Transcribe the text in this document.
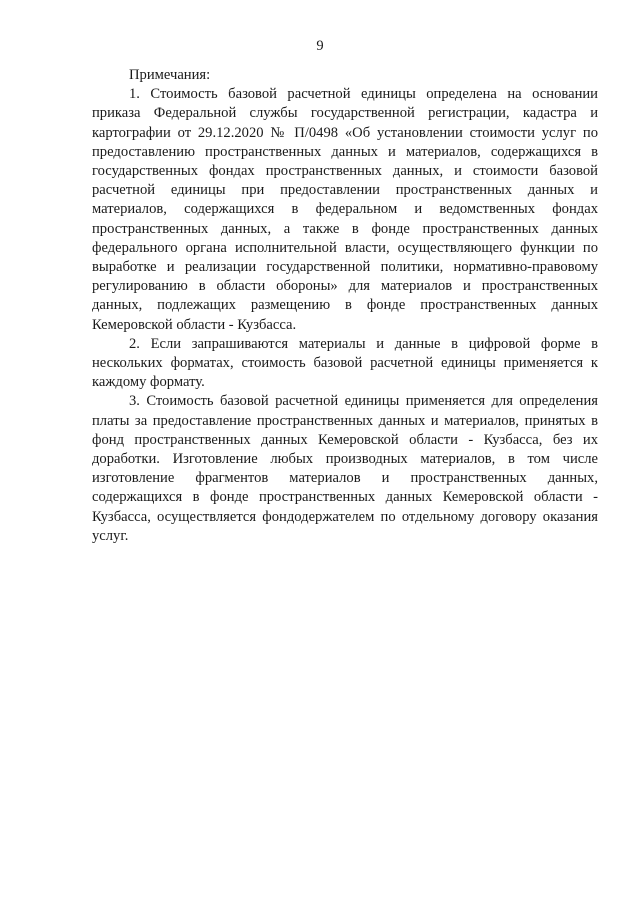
9

Примечания:

1. Стоимость базовой расчетной единицы определена на основании приказа Федеральной службы государственной регистрации, кадастра и картографии от 29.12.2020 № П/0498 «Об установлении стоимости услуг по предоставлению пространственных данных и материалов, содержащихся в государственных фондах пространственных данных, и стоимости базовой расчетной единицы при предоставлении пространственных данных и материалов, содержащихся в федеральном и ведомственных фондах пространственных данных, а также в фонде пространственных данных федерального органа исполнительной власти, осуществляющего функции по выработке и реализации государственной политики, нормативно-правовому регулированию в области обороны» для материалов и пространственных данных, подлежащих размещению в фонде пространственных данных Кемеровской области - Кузбасса.

2. Если запрашиваются материалы и данные в цифровой форме в нескольких форматах, стоимость базовой расчетной единицы применяется к каждому формату.

3. Стоимость базовой расчетной единицы применяется для определения платы за предоставление пространственных данных и материалов, принятых в фонд пространственных данных Кемеровской области - Кузбасса, без их доработки. Изготовление любых производных материалов, в том числе изготовление фрагментов материалов и пространственных данных, содержащихся в фонде пространственных данных Кемеровской области - Кузбасса, осуществляется фондодержателем по отдельному договору оказания услуг.
